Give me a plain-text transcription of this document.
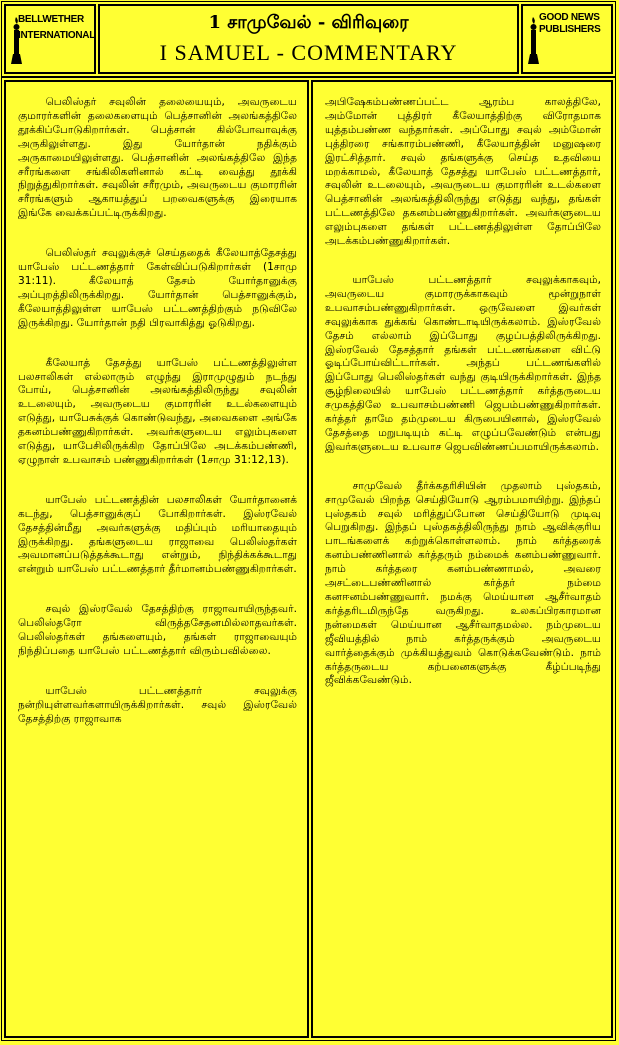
BELLWETHER
INTERNATIONAL
1 சாமுவேல் - விரிவுரை
I SAMUEL - COMMENTARY
GOOD NEWS
PUBLISHERS

பெலிஸ்தர் சவுலின் தலையையும், அவருடைய குமாரர்களின் தலைகளையும் பெத்சானின் அலங்கத்திலே தூக்கிப்போடுகிறார்கள். பெத்சான் கில்போவாவுக்கு அருகிலுள்ளது. இது யோர்தான் நதிக்கும் அருகாமையிலுள்ளது. பெத்சானின் அலங்கத்திலே இந்த சரீரங்களை சங்கிலிகளினால் கட்டி வைத்து தூக்கி நிறுத்துகிறார்கள். சவுலின் சரீரமும், அவருடைய குமாரரின் சரீரங்களும் ஆகாயத்துப் பறவைகளுக்கு இரையாக இங்கே வைக்கப்பட்டிருக்கிறது.

பெலிஸ்தர் சவுலுக்குச் செய்ததைக் கீலேயாத்தேசத்து யாபேஸ் பட்டணத்தார் கேள்விப்படுகிறார்கள் (1சாமு 31:11). கீலேயாத் தேசம் யோர்தானுக்கு அப்புறத்திலிருக்கிறது. யோர்தான் பெத்சானுக்கும், கீலேயாத்திலுள்ள யாபேஸ் பட்டணத்திற்கும் நடுவிலே இருக்கிறது. யோர்தான் நதி பிரவாகித்து ஓடுகிறது.

கீலேயாத் தேசத்து யாபேஸ் பட்டணத்திலுள்ள பலசாலிகள் எல்லாரும் எழுந்து இராமுழுதும் நடந்து போய், பெத்சானின் அலங்கத்திலிருந்து சவுலின் உடலையும், அவருடைய குமாரரின் உடல்களையும் எடுத்து, யாபேசுக்குக் கொண்டுவந்து, அவைகளை அங்கே தகனம்பண்ணுகிறார்கள். அவர்களுடைய எலும்புகளை எடுத்து, யாபேசிலிருக்கிற தோப்பிலே அடக்கம்பண்ணி, ஏழுநாள் உபவாசம் பண்ணுகிறார்கள் (1சாமு 31:12,13).

யாபேஸ் பட்டணத்தின் பலசாலிகள் யோர்தானைக் கடந்து, பெத்சானுக்குப் போகிறார்கள். இஸ்ரவேல் தேசத்தின்மீது அவர்களுக்கு மதிப்பும் மரியாதையும் இருக்கிறது. தங்களுடைய ராஜாவை பெலிஸ்தர்கள் அவமானப்படுத்தக்கூடாது என்றும், நிந்திக்கக்கூடாது என்றும் யாபேஸ் பட்டணத்தார் தீர்மானம்பண்ணுகிறார்கள்.

சவுல் இஸ்ரவேல் தேசத்திற்கு ராஜாவாயிருந்தவர். பெலிஸ்தரோ விருத்தசேதனமில்லாதவர்கள். பெலிஸ்தர்கள் தங்களையும், தங்கள் ராஜாவையும் நிந்திப்பதை யாபேஸ் பட்டணத்தார் விரும்பவில்லை.

யாபேஸ் பட்டணத்தார் சவுலுக்கு நன்றியுள்ளவர்களாயிருக்கிறார்கள். சவுல் இஸ்ரவேல் தேசத்திற்கு ராஜாவாக

அபிஷேகம்பண்ணப்பட்ட ஆரம்ப காலத்திலே, அம்மோன் புத்திரர் கீலேயாத்திற்கு விரோதமாக யுத்தம்பண்ண வந்தார்கள். அப்போது சவுல் அம்மோன் புத்திரரை சங்காரம்பண்ணி, கீலேயாத்தின் மனுஷரை இரட்சித்தார். சவுல் தங்களுக்கு செய்த உதவியை மறக்காமல், கீலேயாத் தேசத்து யாபேஸ் பட்டணத்தார், சவுலின் உடலையும், அவருடைய குமாரரின் உடல்களை பெத்சானின் அலங்கத்திலிருந்து எடுத்து வந்து, தங்கள் பட்டணத்திலே தகனம்பண்ணுகிறார்கள். அவர்களுடைய எலும்புகளை தங்கள் பட்டணத்திலுள்ள தோப்பிலே அடக்கம்பண்ணுகிறார்கள்.

யாபேஸ் பட்டணத்தார் சவுலுக்காகவும், அவருடைய குமாரருக்காகவும் மூன்றுநாள் உபவாசம்பண்ணுகிறார்கள். ஒருவேளை இவர்கள் சவுலுக்காக துக்கங் கொண்டாடியிருக்கலாம். இஸ்ரவேல் தேசம் எல்லாம் இப்போது குழப்பத்திலிருக்கிறது. இஸ்ரவேல் தேசத்தார் தங்கள் பட்டணங்களை விட்டு ஓடிப்போய்விட்டார்கள். அந்தப் பட்டணங்களில் இப்போது பெலிஸ்தர்கள் வந்து குடியிருக்கிறார்கள். இந்த சூழ்நிலையில் யாபேஸ் பட்டணத்தார் கர்த்தருடைய சமுகத்திலே உபவாசம்பண்ணி ஜெபம்பண்ணுகிறார்கள். கர்த்தர் தாமே தம்முடைய கிருபையினால், இஸ்ரவேல் தேசத்தை மறுபடியும் கட்டி எழுப்பவேண்டும் என்பது இவர்களுடைய உபவாச ஜெபவிண்ணப்பமாயிருக்கலாம்.

சாமுவேல் தீர்க்கதரிசியின் முதலாம் புஸ்தகம், சாமுவேல் பிறந்த செய்தியோடு ஆரம்பமாயிற்று. இந்தப் புஸ்தகம் சவுல் மரித்துப்போன செய்தியோடு முடிவு பெறுகிறது. இந்தப் புஸ்தகத்திலிருந்து நாம் ஆவிக்குரிய பாடங்களைக் கற்றுக்கொள்ளலாம். நாம் கர்த்தரைக் கனம்பண்ணினால் கர்த்தரும் நம்மைக் கனம்பண்ணுவார். நாம் கர்த்தரை கனம்பண்ணாமல், அவரை அசட்டைபண்ணினால் கர்த்தர் நம்மை கனஈனம்பண்ணுவார். நமக்கு மெய்யான ஆசீர்வாதம் கர்த்தரிடமிருந்தே வருகிறது. உலகப்பிரகாரமான நன்மைகள் மெய்யான ஆசீர்வாதமல்ல. நம்முடைய ஜீவியத்தில் நாம் கர்த்தருக்கும் அவருடைய வார்த்தைக்கும் முக்கியத்துவம் கொடுக்கவேண்டும். நாம் கர்த்தருடைய கற்பனைகளுக்கு கீழ்ப்படிந்து ஜீவிக்கவேண்டும்.
